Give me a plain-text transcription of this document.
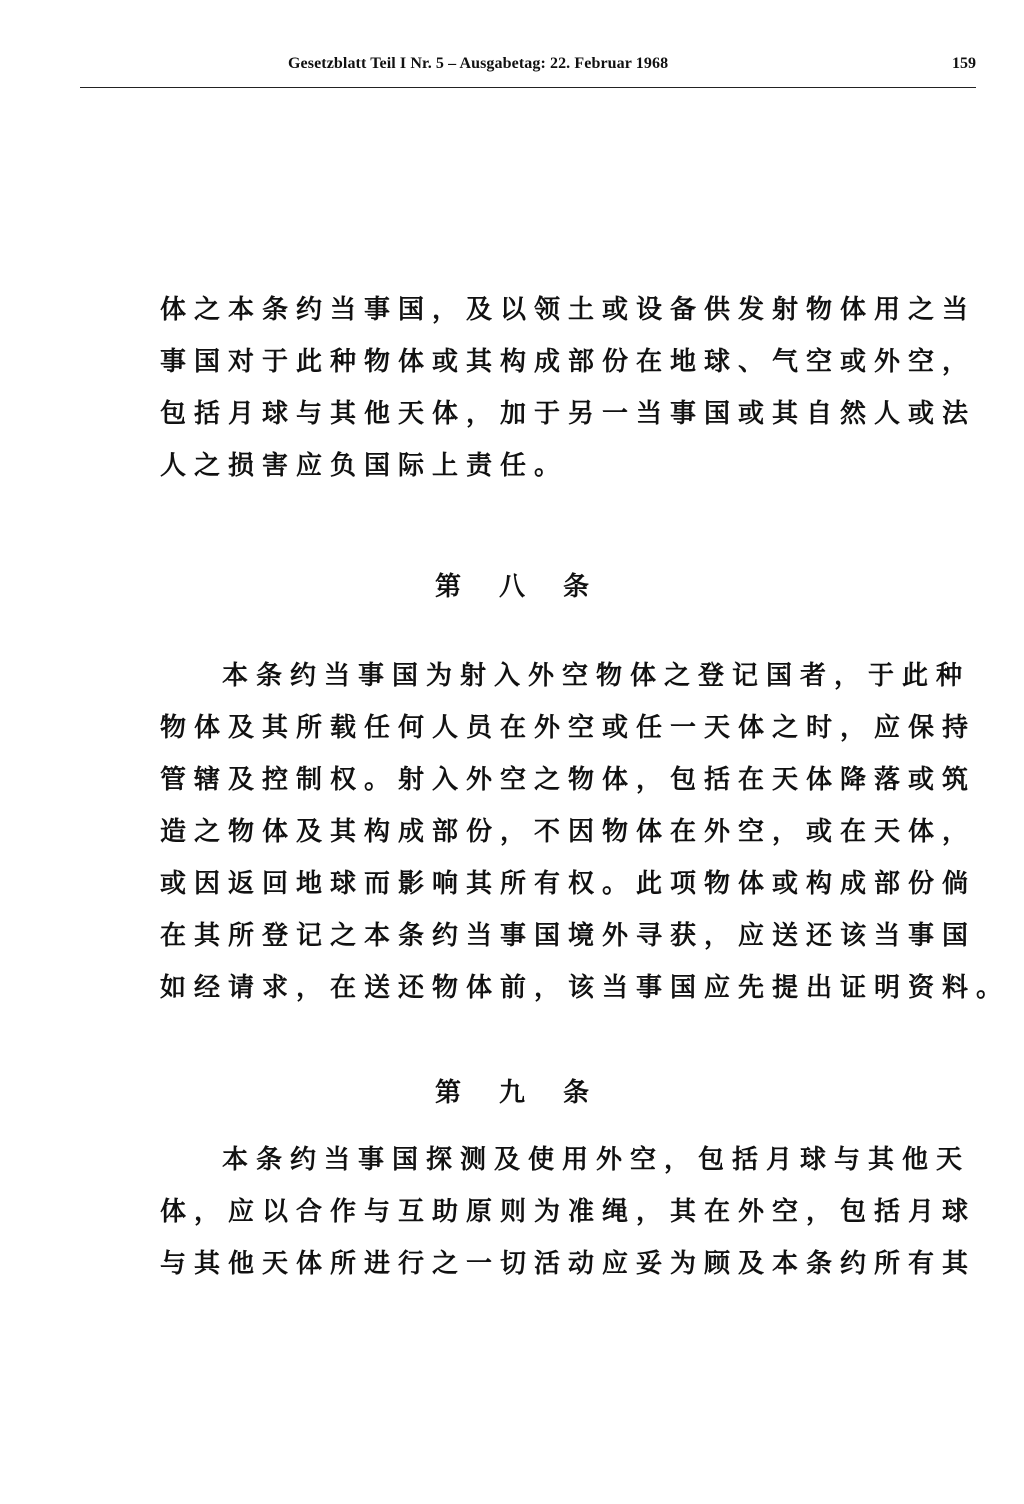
Gesetzblatt Teil I Nr. 5 – Ausgabetag: 22. Februar 1968	159
体之本条约当事国，及以领土或设备供发射物体用之当
事国对于此种物体或其构成部份在地球、气空或外空，
包括月球与其他天体，加于另一当事国或其自然人或法
人之损害应负国际上责任。
第八条
本条约当事国为射入外空物体之登记国者，于此种
物体及其所载任何人员在外空或任一天体之时，应保持
管辖及控制权。射入外空之物体，包括在天体降落或筑
造之物体及其构成部份，不因物体在外空，或在天体，
或因返回地球而影响其所有权。此项物体或构成部份倘
在其所登记之本条约当事国境外寻获，应送还该当事国
如经请求，在送还物体前，该当事国应先提出证明资料。
第九条
本条约当事国探测及使用外空，包括月球与其他天
体，应以合作与互助原则为准绳，其在外空，包括月球
与其他天体所进行之一切活动应妥为顾及本条约所有其
